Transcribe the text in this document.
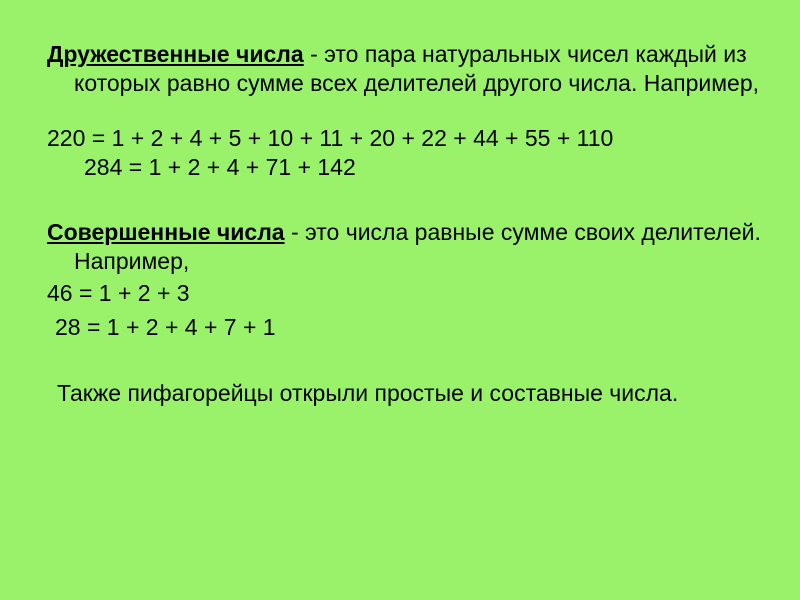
Дружественные числа - это пара натуральных чисел каждый из которых равно сумме всех делителей другого числа. Например,
220 = 1 + 2 + 4 + 5 + 10 + 11 + 20 + 22 + 44 + 55 + 110
284 = 1 + 2 + 4 + 71 + 142
Совершенные числа - это числа равные сумме своих делителей. Например,
46 = 1 + 2 + 3
28 = 1 + 2 + 4 + 7 + 1
Также пифагорейцы открыли простые и составные числа.
